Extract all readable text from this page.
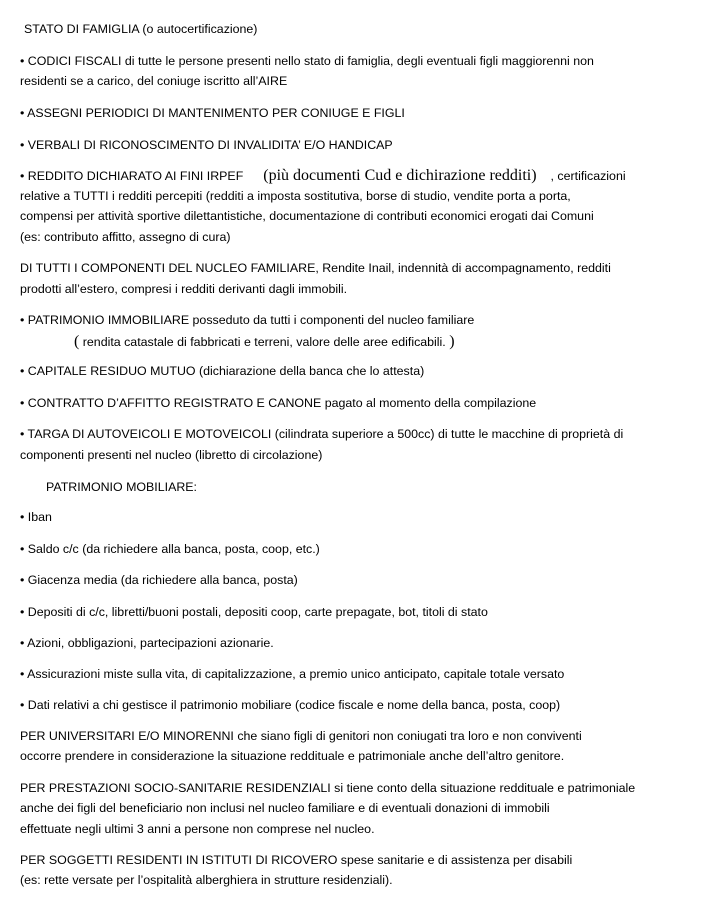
STATO DI FAMIGLIA (o autocertificazione)
• CODICI FISCALI di tutte le persone presenti nello stato di famiglia, degli eventuali figli maggiorenni non
residenti se a carico, del coniuge iscritto all’AIRE
• ASSEGNI PERIODICI DI MANTENIMENTO PER CONIUGE E FIGLI
• VERBALI DI RICONOSCIMENTO DI INVALIDITA’ E/O HANDICAP
• REDDITO DICHIARATO AI FINI IRPEF (più documenti Cud e dichirazione redditi) , certificazioni
relative a TUTTI i redditi percepiti (redditi a imposta sostitutiva, borse di studio, vendite porta a porta,
compensi per attività sportive dilettantistiche, documentazione di contributi economici erogati dai Comuni
(es: contributo affitto, assegno di cura)
DI TUTTI I COMPONENTI DEL NUCLEO FAMILIARE, Rendite Inail, indennità di accompagnamento, redditi
prodotti all’estero, compresi i redditi derivanti dagli immobili.
• PATRIMONIO IMMOBILIARE posseduto da tutti i componenti del nucleo familiare
( rendita catastale di fabbricati e terreni, valore delle aree edificabili. )
• CAPITALE RESIDUO MUTUO (dichiarazione della banca che lo attesta)
• CONTRATTO D’AFFITTO REGISTRATO E CANONE pagato al momento della compilazione
• TARGA DI AUTOVEICOLI E MOTOVEICOLI (cilindrata superiore a 500cc) di tutte le macchine di proprietà di
componenti presenti nel nucleo (libretto di circolazione)
PATRIMONIO MOBILIARE:
• Iban
• Saldo c/c (da richiedere alla banca, posta, coop, etc.)
• Giacenza media (da richiedere alla banca, posta)
• Depositi di c/c, libretti/buoni postali, depositi coop, carte prepagate, bot, titoli di stato
• Azioni, obbligazioni, partecipazioni azionarie.
• Assicurazioni miste sulla vita, di capitalizzazione, a premio unico anticipato, capitale totale versato
• Dati relativi a chi gestisce il patrimonio mobiliare (codice fiscale e nome della banca, posta, coop)
PER UNIVERSITARI E/O MINORENNI che siano figli di genitori non coniugati tra loro e non conviventi
occorre prendere in considerazione la situazione reddituale e patrimoniale anche dell’altro genitore.
PER PRESTAZIONI SOCIO-SANITARIE RESIDENZIALI si tiene conto della situazione reddituale e patrimoniale
anche dei figli del beneficiario non inclusi nel nucleo familiare e di eventuali donazioni di immobili
effettuate negli ultimi 3 anni a persone non comprese nel nucleo.
PER SOGGETTI RESIDENTI IN ISTITUTI DI RICOVERO spese sanitarie e di assistenza per disabili
(es: rette versate per l’ospitalità alberghiera in strutture residenziali).
